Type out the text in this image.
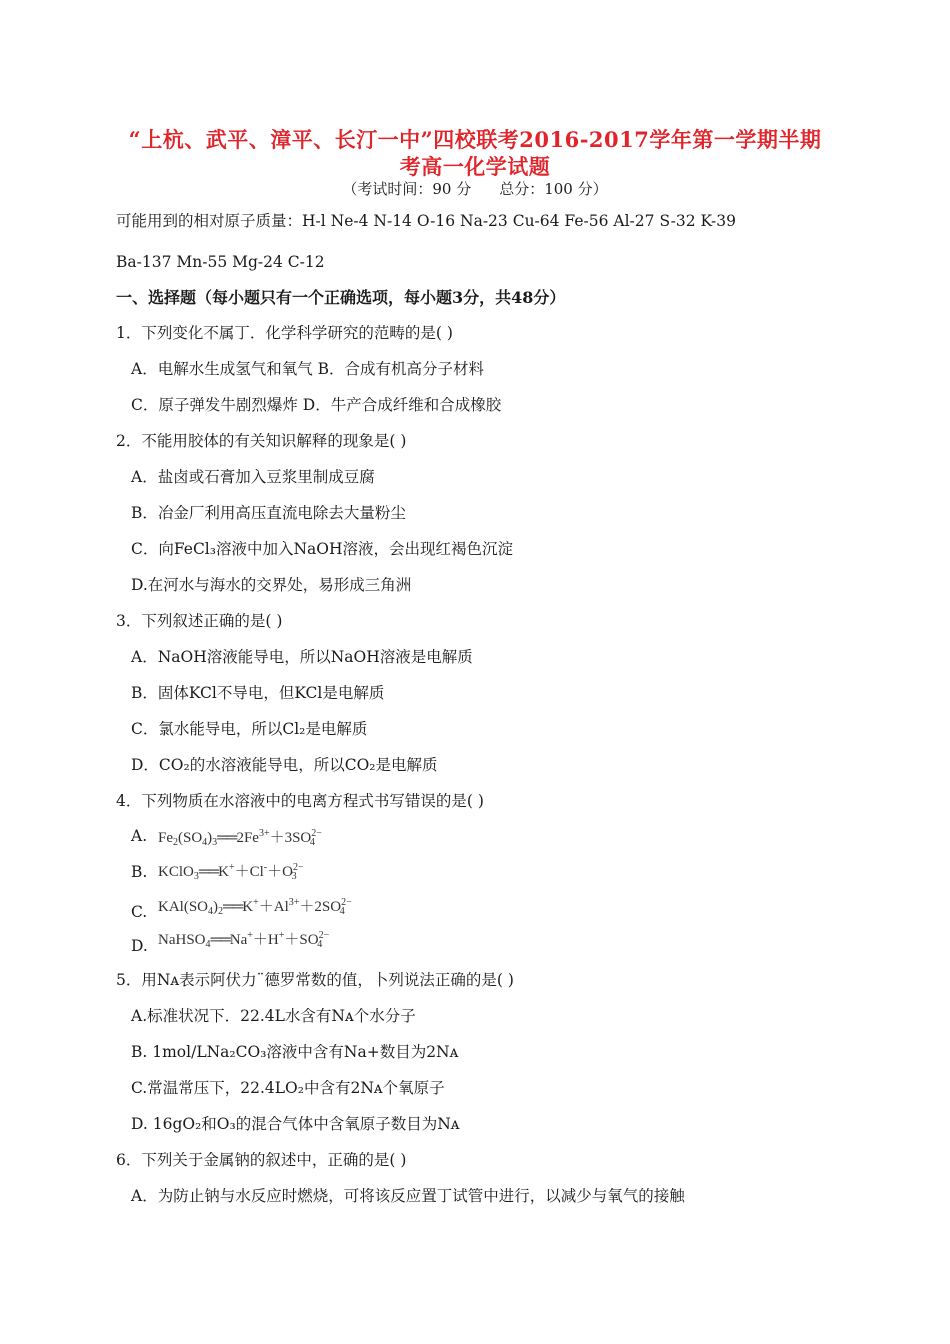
“上杭、武平、漳平、长汀一中”四校联考2016-2017学年第一学期半期
考高一化学试题
（考试时间：90 分 总分：100 分）
可能用到的相对原子质量：H-l Ne-4 N-14 O-16 Na-23 Cu-64 Fe-56 Al-27 S-32 K-39
Ba-137 Mn-55 Mg-24 C-12
一、选择题（每小题只有一个正确选项，每小题3分，共48分）
1．下列变化不属丁．化学科学研究的范畴的是( )
A．电解水生成氢气和氧气 B．合成有机高分子材料
C．原子弹发牛剧烈爆炸 D．牛产合成纤维和合成橡胶
2．不能用胶体的有关知识解释的现象是( )
A．盐卤或石膏加入豆浆里制成豆腐
B．冶金厂利用高压直流电除去大量粉尘
C．向FeCl₃溶液中加入NaOH溶液，会出现红褐色沉淀
D.在河水与海水的交界处，易形成三角洲
3．下列叙述正确的是( )
A．NaOH溶液能导电，所以NaOH溶液是电解质
B．固体KCl不导电，但KCl是电解质
C．氯水能导电，所以Cl₂是电解质
D．CO₂的水溶液能导电，所以CO₂是电解质
4．下列物质在水溶液中的电离方程式书写错误的是( )
A. $Fe_2(SO_4)_3══2Fe^{3+}+3SO^{2-}_4$
B. $KClO_3══K^++Cl^-+O^{2-}_3$
C. $KAl(SO_4)_2══K^++Al^{3+}+2SO^{2-}_4$
D. $NaHSO_4══Na^++H^++SO^{2-}_4$
5．用Nᴀ表示阿伏力¨德罗常数的值，卜列说法正确的是( )
A.标准状况下．22.4L水含有Nᴀ个水分子
B. 1mol/LNa₂CO₃溶液中含有Na+数目为2Nᴀ
C.常温常压下，22.4LO₂中含有2Nᴀ个氧原子
D. 16gO₂和O₃的混合气体中含氧原子数目为Nᴀ
6．下列关于金属钠的叙述中，正确的是( )
A．为防止钠与水反应时燃烧，可将该反应置丁试管中进行，以减少与氧气的接触
